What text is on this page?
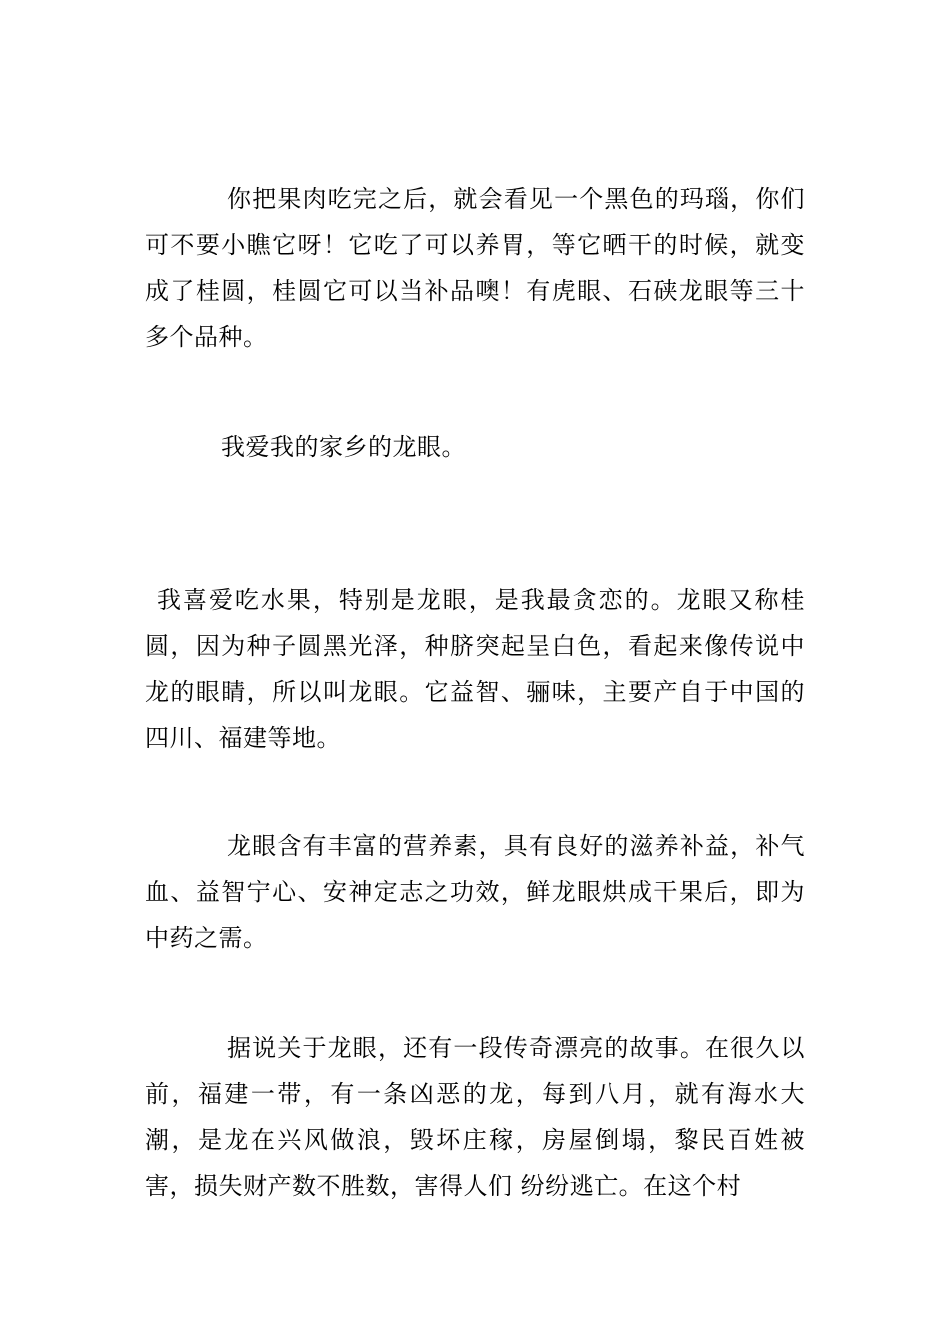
你把果肉吃完之后，就会看见一个黑色的玛瑙，你们可不要小瞧它呀！它吃了可以养胃，等它晒干的时候，就变成了桂圆，桂圆它可以当补品噢！有虎眼、石硖龙眼等三十多个品种。

我爱我的家乡的龙眼。

我喜爱吃水果，特别是龙眼，是我最贪恋的。龙眼又称桂圆，因为种子圆黑光泽，种脐突起呈白色，看起来像传说中龙的眼睛，所以叫龙眼。它益智、骊味，主要产自于中国的四川、福建等地。

龙眼含有丰富的营养素，具有良好的滋养补益，补气血、益智宁心、安神定志之功效，鲜龙眼烘成干果后，即为中药之需。

据说关于龙眼，还有一段传奇漂亮的故事。在很久以前，福建一带，有一条凶恶的龙，每到八月，就有海水大潮，是龙在兴风做浪，毁坏庄稼，房屋倒塌，黎民百姓被害，损失财产数不胜数，害得人们 纷纷逃亡。在这个村
